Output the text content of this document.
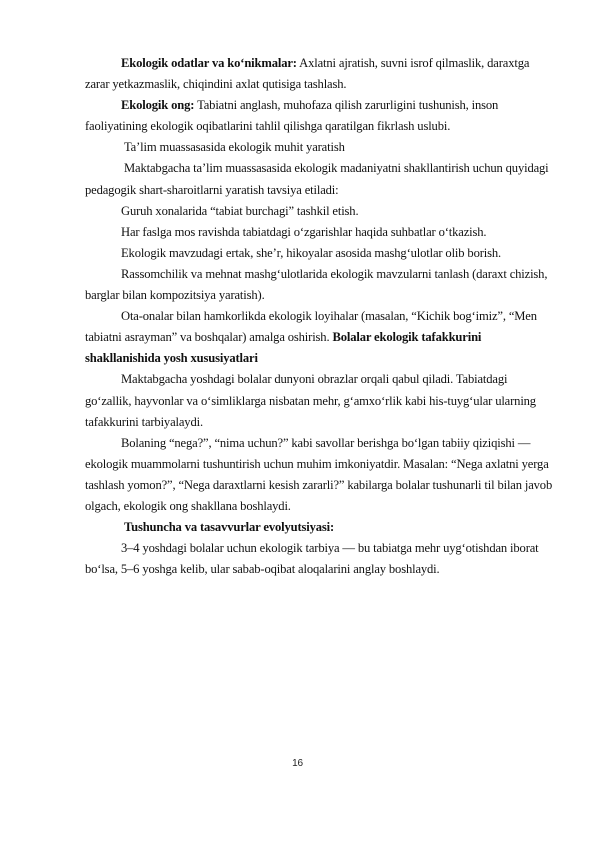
Ekologik odatlar va ko‘nikmalar: Axlatni ajratish, suvni isrof qilmaslik, daraxtga zarar yetkazmaslik, chiqindini axlat qutisiga tashlash.

Ekologik ong: Tabiatni anglash, muhofaza qilish zarurligini tushunish, inson faoliyatining ekologik oqibatlarini tahlil qilishga qaratilgan fikrlash uslubi.

Ta’lim muassasasida ekologik muhit yaratish

Maktabgacha ta’lim muassasasida ekologik madaniyatni shakllantirish uchun quyidagi pedagogik shart-sharoitlarni yaratish tavsiya etiladi:

Guruh xonalarida “tabiat burchagi” tashkil etish.

Har faslga mos ravishda tabiatdagi o‘zgarishlar haqida suhbatlar o‘tkazish.

Ekologik mavzudagi ertak, she’r, hikoyalar asosida mashg‘ulotlar olib borish.

Rassomchilik va mehnat mashg‘ulotlarida ekologik mavzularni tanlash (daraxt chizish, barglar bilan kompozitsiya yaratish).

Ota-onalar bilan hamkorlikda ekologik loyihalar (masalan, “Kichik bog‘imiz”, “Men tabiatni asrayman” va boshqalar) amalga oshirish. Bolalar ekologik tafakkurini shakllanishida yosh xususiyatlari

Maktabgacha yoshdagi bolalar dunyoni obrazlar orqali qabul qiladi. Tabiatdagi go‘zallik, hayvonlar va o‘simliklarga nisbatan mehr, g‘amxo‘rlik kabi his-tuyg‘ular ularning tafakkurini tarbiyalaydi.

Bolaning “nega?”, “nima uchun?” kabi savollar berishga bo‘lgan tabiiy qiziqishi — ekologik muammolarni tushuntirish uchun muhim imkoniyatdir. Masalan: “Nega axlatni yerga tashlash yomon?”, “Nega daraxtlarni kesish zararli?” kabilarga bolalar tushunarli til bilan javob olgach, ekologik ong shakllana boshlaydi.

Tushuncha va tasavvurlar evolyutsiyasi:

3–4 yoshdagi bolalar uchun ekologik tarbiya — bu tabiatga mehr uyg‘otishdan iborat bo‘lsa, 5–6 yoshga kelib, ular sabab-oqibat aloqalarini anglay boshlaydi.

16
